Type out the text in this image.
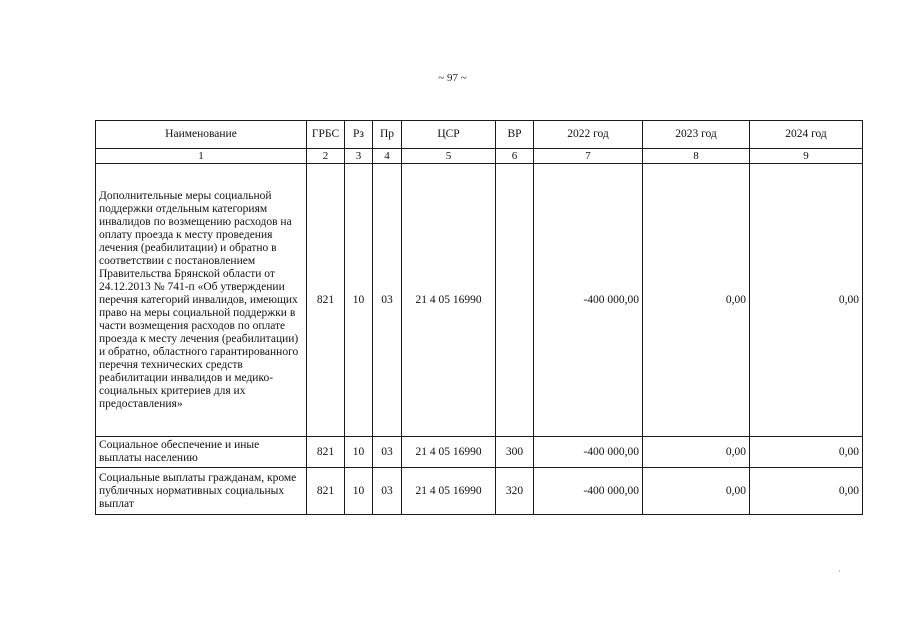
~ 97 ~
Наименование	ГРБС	Рз	Пр	ЦСР	ВР	2022 год	2023 год	2024 год
1	2	3	4	5	6	7	8	9
Дополнительные меры социальной поддержки отдельным категориям инвалидов по возмещению расходов на оплату проезда к месту проведения лечения (реабилитации) и обратно в соответствии с постановлением Правительства Брянской области от 24.12.2013 № 741-п «Об утверждении перечня категорий инвалидов, имеющих право на меры социальной поддержки в части возмещения расходов по оплате проезда к месту лечения (реабилитации) и обратно, областного гарантированного перечня технических средств реабилитации инвалидов и медико-социальных критериев для их предоставления»	821	10	03	21 4 05 16990		-400 000,00	0,00	0,00
Социальное обеспечение и иные выплаты населению	821	10	03	21 4 05 16990	300	-400 000,00	0,00	0,00
Социальные выплаты гражданам, кроме публичных нормативных социальных выплат	821	10	03	21 4 05 16990	320	-400 000,00	0,00	0,00
·
